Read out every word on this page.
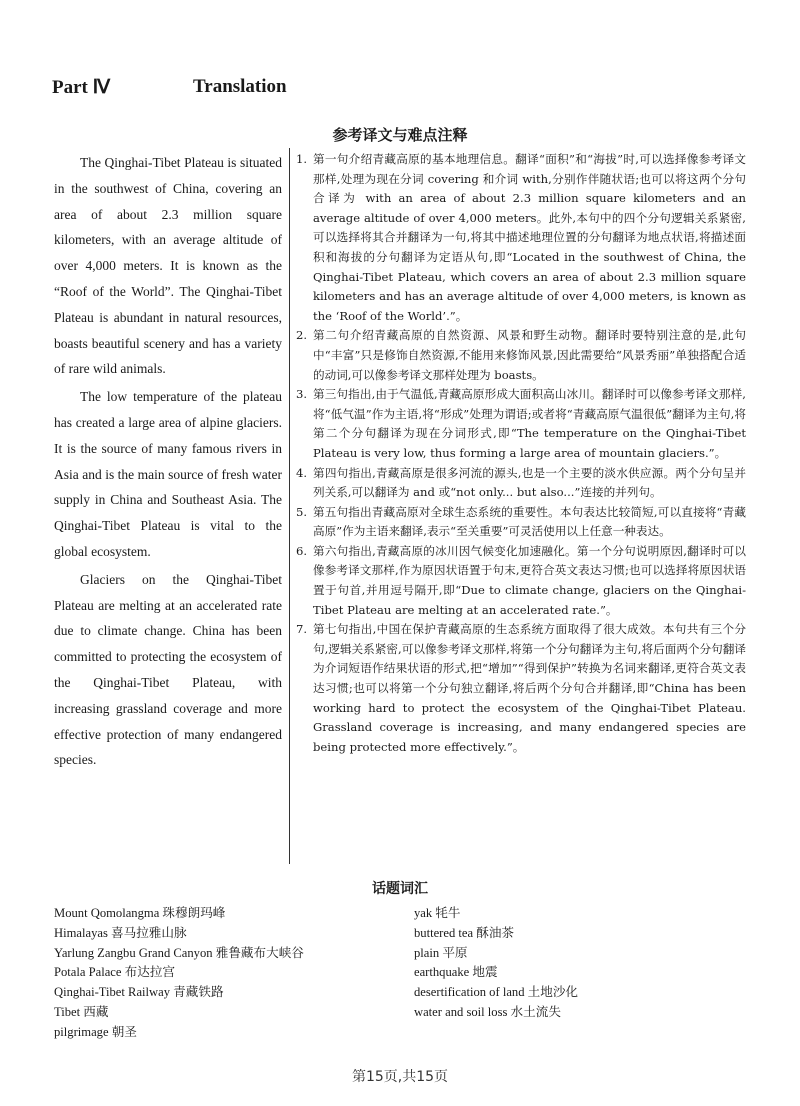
Part Ⅳ	Translation
参考译文与难点注释

The Qinghai-Tibet Plateau is situated in the southwest of China, covering an area of about 2.3 million square kilometers, with an average altitude of over 4,000 meters. It is known as the “Roof of the World”. The Qinghai-Tibet Plateau is abundant in natural resources, boasts beautiful scenery and has a variety of rare wild animals.

The low temperature of the plateau has created a large area of alpine glaciers. It is the source of many famous rivers in Asia and is the main source of fresh water supply in China and Southeast Asia. The Qinghai-Tibet Plateau is vital to the global ecosystem.

Glaciers on the Qinghai-Tibet Plateau are melting at an accelerated rate due to climate change. China has been committed to protecting the ecosystem of the Qinghai-Tibet Plateau, with increasing grassland coverage and more effective protection of many endangered species.

1. 第一句介绍青藏高原的基本地理信息。翻译“面积”和“海拔”时,可以选择像参考译文那样,处理为现在分词 covering 和介词 with,分别作伴随状语;也可以将这两个分句合译为 with an area of about 2.3 million square kilometers and an average altitude of over 4,000 meters。此外,本句中的四个分句逻辑关系紧密,可以选择将其合并翻译为一句,将其中描述地理位置的分句翻译为地点状语,将描述面积和海拔的分句翻译为定语从句,即“Located in the southwest of China, the Qinghai-Tibet Plateau, which covers an area of about 2.3 million square kilometers and has an average altitude of over 4,000 meters, is known as the ‘Roof of the World’.”。
2. 第二句介绍青藏高原的自然资源、风景和野生动物。翻译时要特别注意的是,此句中“丰富”只是修饰自然资源,不能用来修饰风景,因此需要给“风景秀丽”单独搭配合适的动词,可以像参考译文那样处理为 boasts。
3. 第三句指出,由于气温低,青藏高原形成大面积高山冰川。翻译时可以像参考译文那样,将“低气温”作为主语,将“形成”处理为谓语;或者将“青藏高原气温很低”翻译为主句,将第二个分句翻译为现在分词形式,即“The temperature on the Qinghai-Tibet Plateau is very low, thus forming a large area of mountain glaciers.”。
4. 第四句指出,青藏高原是很多河流的源头,也是一个主要的淡水供应源。两个分句呈并列关系,可以翻译为 and 或“not only... but also...”连接的并列句。
5. 第五句指出青藏高原对全球生态系统的重要性。本句表达比较简短,可以直接将“青藏高原”作为主语来翻译,表示“至关重要”可灵活使用以上任意一种表达。
6. 第六句指出,青藏高原的冰川因气候变化加速融化。第一个分句说明原因,翻译时可以像参考译文那样,作为原因状语置于句末,更符合英文表达习惯;也可以选择将原因状语置于句首,并用逗号隔开,即“Due to climate change, glaciers on the Qinghai-Tibet Plateau are melting at an accelerated rate.”。
7. 第七句指出,中国在保护青藏高原的生态系统方面取得了很大成效。本句共有三个分句,逻辑关系紧密,可以像参考译文那样,将第一个分句翻译为主句,将后面两个分句翻译为介词短语作结果状语的形式,把“增加”“得到保护”转换为名词来翻译,更符合英文表达习惯;也可以将第一个分句独立翻译,将后两个分句合并翻译,即“China has been working hard to protect the ecosystem of the Qinghai-Tibet Plateau. Grassland coverage is increasing, and many endangered species are being protected more effectively.”。
话题词汇
Mount Qomolangma 珠穆朗玛峰
Himalayas 喜马拉雅山脉
Yarlung Zangbu Grand Canyon 雅鲁藏布大峡谷
Potala Palace 布达拉宫
Qinghai-Tibet Railway 青藏铁路
Tibet 西藏
pilgrimage 朝圣
yak 牦牛
buttered tea 酥油茶
plain 平原
earthquake 地震
desertification of land 土地沙化
water and soil loss 水土流失
第15页,共15页
